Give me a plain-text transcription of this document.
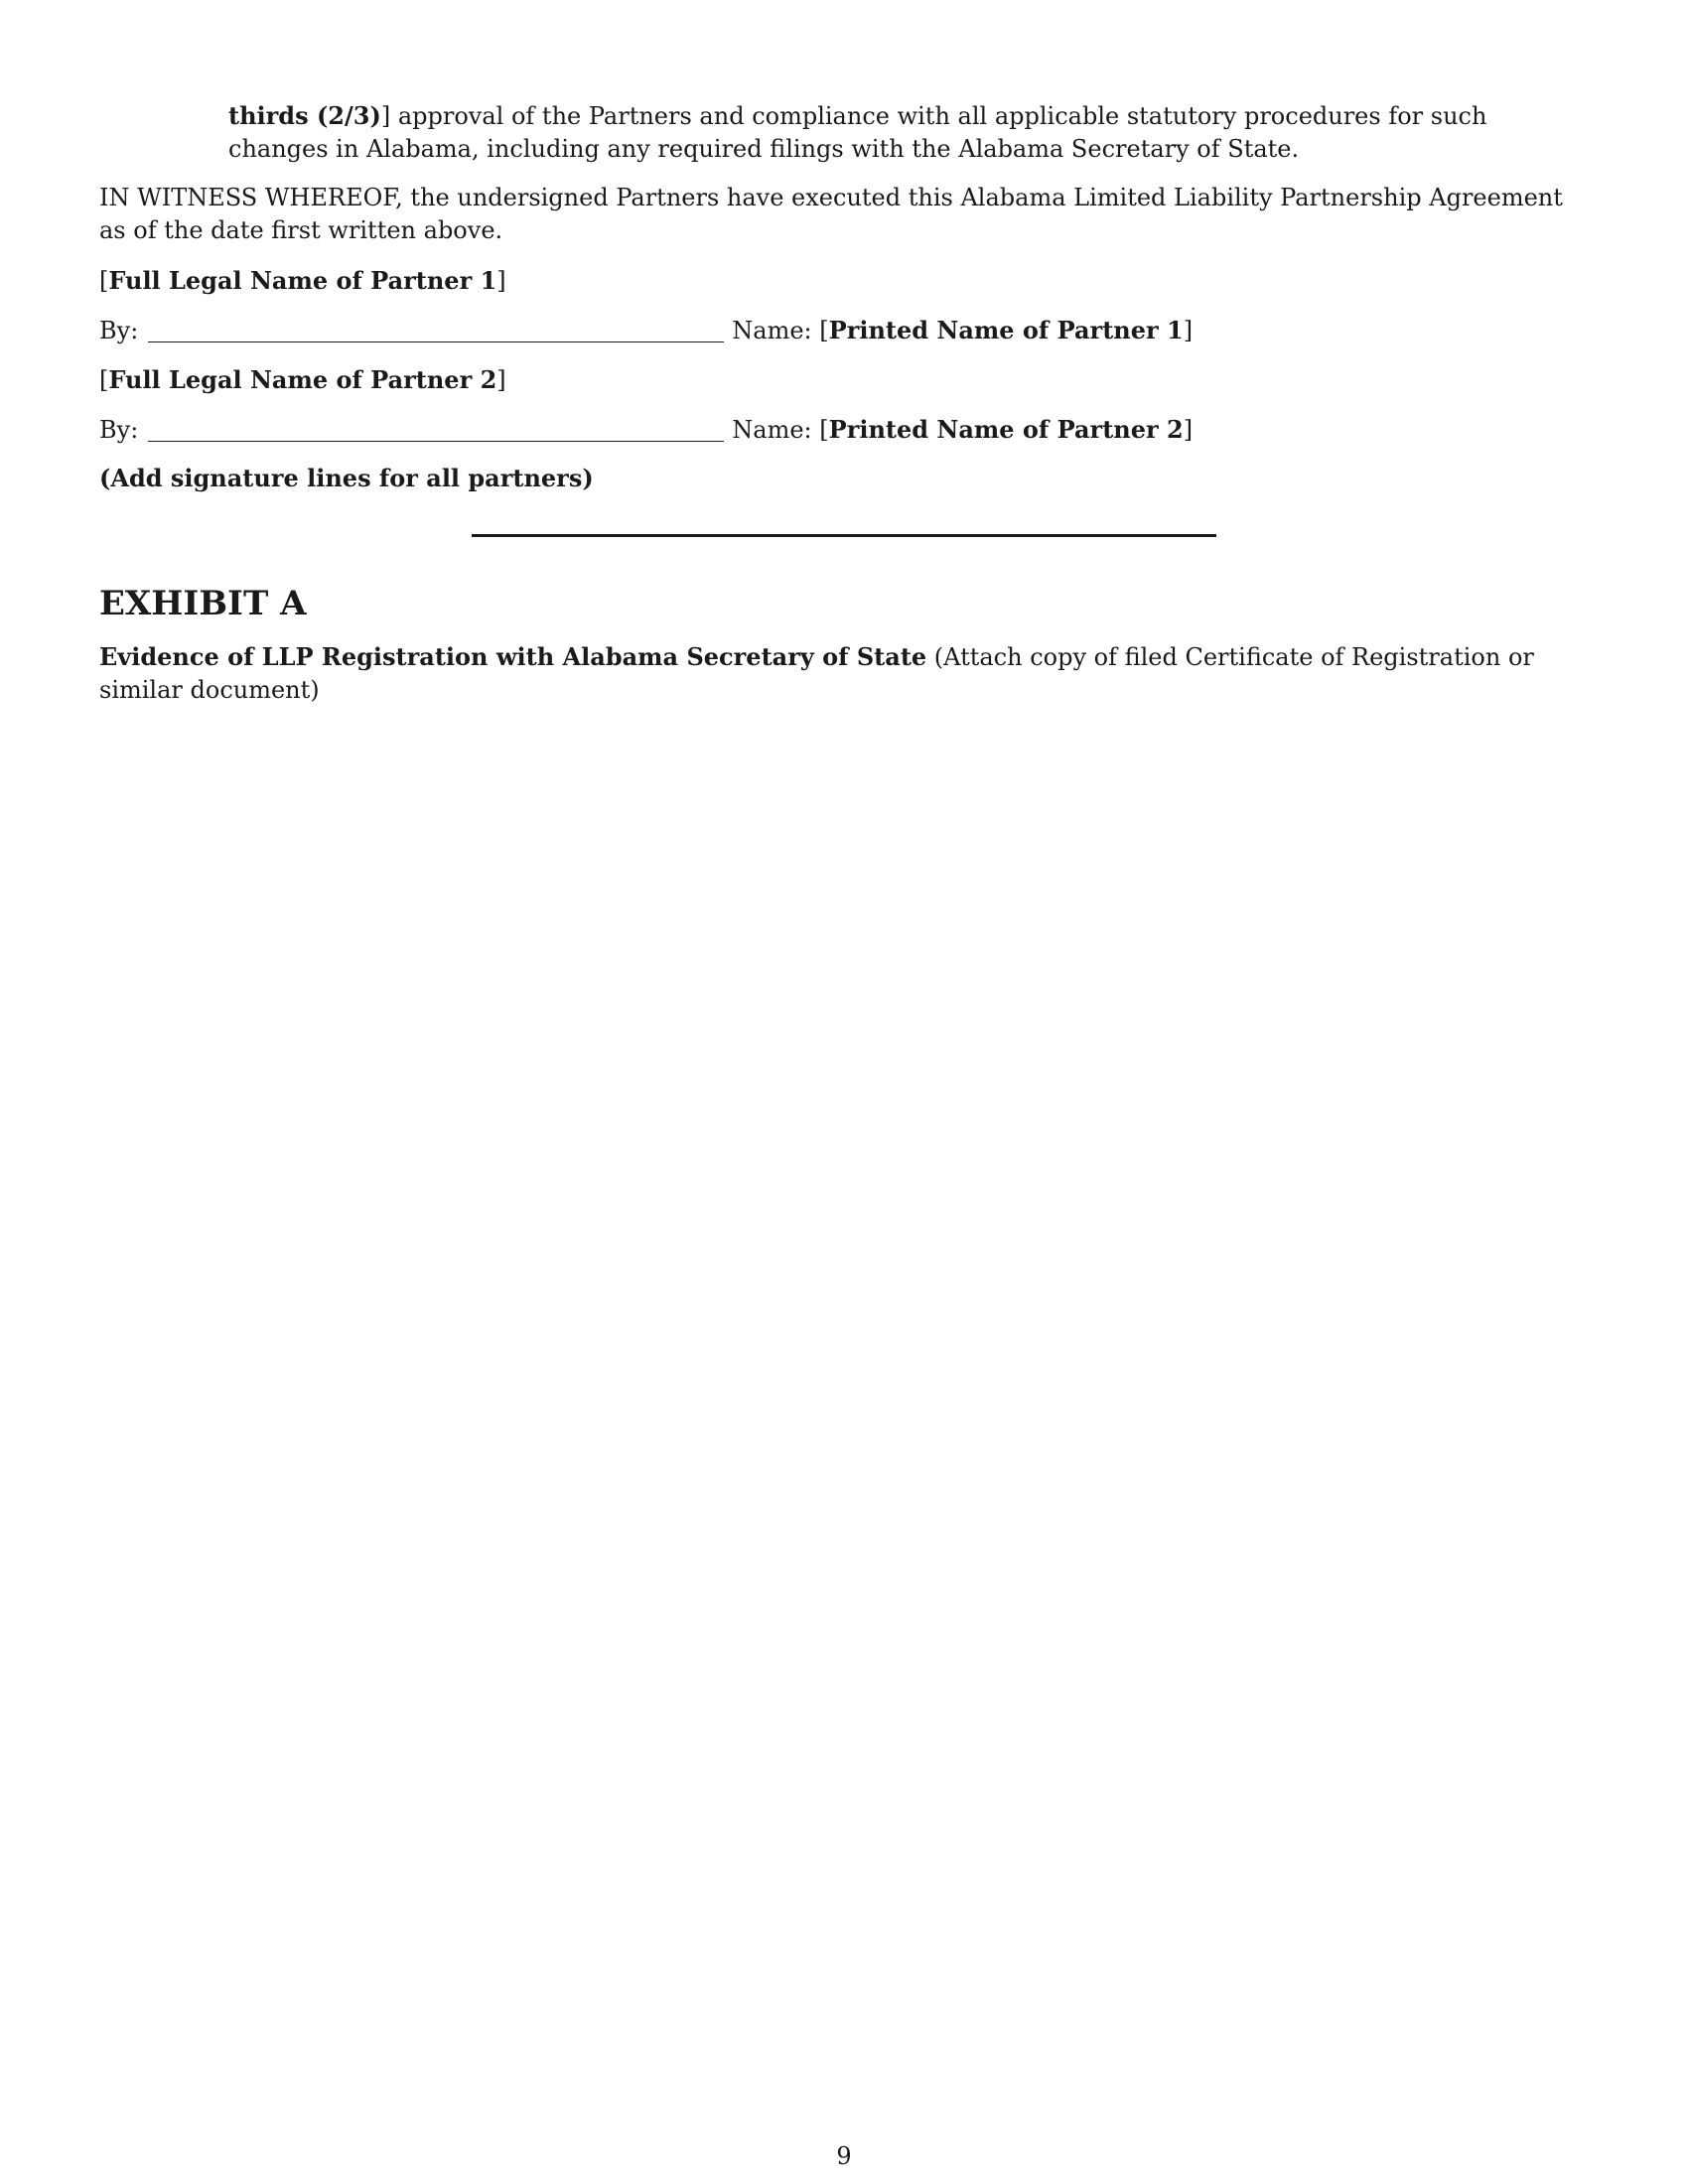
thirds (2/3)] approval of the Partners and compliance with all applicable statutory procedures for such changes in Alabama, including any required filings with the Alabama Secretary of State.
IN WITNESS WHEREOF, the undersigned Partners have executed this Alabama Limited Liability Partnership Agreement as of the date first written above.
[Full Legal Name of Partner 1]
By:	Name: [Printed Name of Partner 1]
[Full Legal Name of Partner 2]
By:	Name: [Printed Name of Partner 2]
(Add signature lines for all partners)
EXHIBIT A
Evidence of LLP Registration with Alabama Secretary of State (Attach copy of filed Certificate of Registration or similar document)
9
